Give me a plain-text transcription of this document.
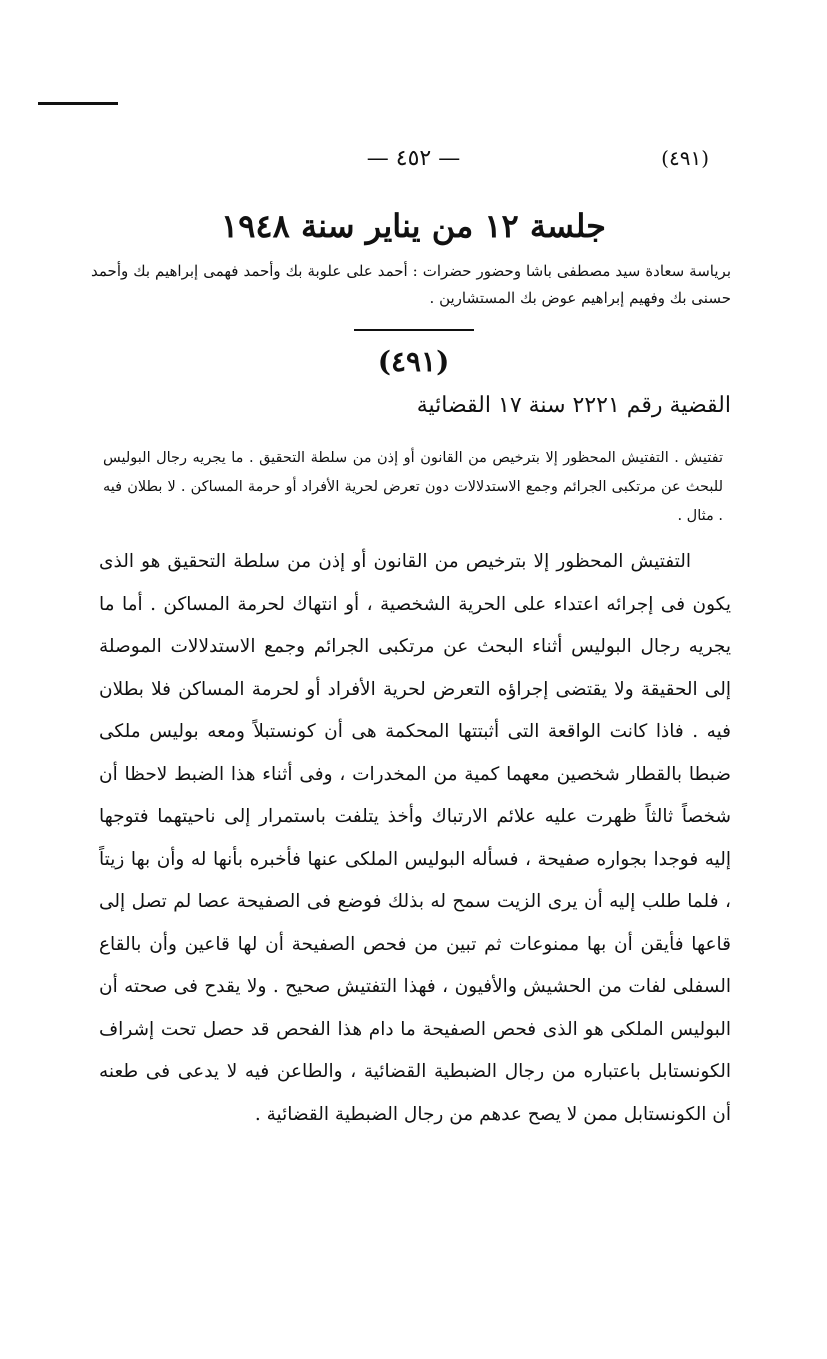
(٤٩١)
— ٤٥٢ —
جلسة ١٢ من يناير سنة ١٩٤٨
برياسة سعادة سيد مصطفى باشا وحضور حضرات : أحمد على علوبة بك وأحمد فهمى إبراهيم بك وأحمد حسنى بك وفهيم إبراهيم عوض بك المستشارين .
(٤٩١)
القضية رقم ٢٢٢١ سنة ١٧ القضائية
تفتيش . التفتيش المحظور إلا بترخيص من القانون أو إذن من سلطة التحقيق . ما يجريه رجال البوليس للبحث عن مرتكبى الجرائم وجمع الاستدلالات دون تعرض لحرية الأفراد أو حرمة المساكن . لا بطلان فيه . مثال .
التفتيش المحظور إلا بترخيص من القانون أو إذن من سلطة التحقيق هو الذى يكون فى إجرائه اعتداء على الحرية الشخصية ، أو انتهاك لحرمة المساكن . أما ما يجريه رجال البوليس أثناء البحث عن مرتكبى الجرائم وجمع الاستدلالات الموصلة إلى الحقيقة ولا يقتضى إجراؤه التعرض لحرية الأفراد أو لحرمة المساكن فلا بطلان فيه . فاذا كانت الواقعة التى أثبتتها المحكمة هى أن كونستبلاً ومعه بوليس ملكى ضبطا بالقطار شخصين معهما كمية من المخدرات ، وفى أثناء هذا الضبط لاحظا أن شخصاً ثالثاً ظهرت عليه علائم الارتباك وأخذ يتلفت باستمرار إلى ناحيتهما فتوجها إليه فوجدا بجواره صفيحة ، فسأله البوليس الملكى عنها فأخبره بأنها له وأن بها زيتاً ، فلما طلب إليه أن يرى الزيت سمح له بذلك فوضع فى الصفيحة عصا لم تصل إلى قاعها فأيقن أن بها ممنوعات ثم تبين من فحص الصفيحة أن لها قاعين وأن بالقاع السفلى لفات من الحشيش والأفيون ، فهذا التفتيش صحيح . ولا يقدح فى صحته أن البوليس الملكى هو الذى فحص الصفيحة ما دام هذا الفحص قد حصل تحت إشراف الكونستابل باعتباره من رجال الضبطية القضائية ، والطاعن فيه لا يدعى فى طعنه أن الكونستابل ممن لا يصح عدهم من رجال الضبطية القضائية .
